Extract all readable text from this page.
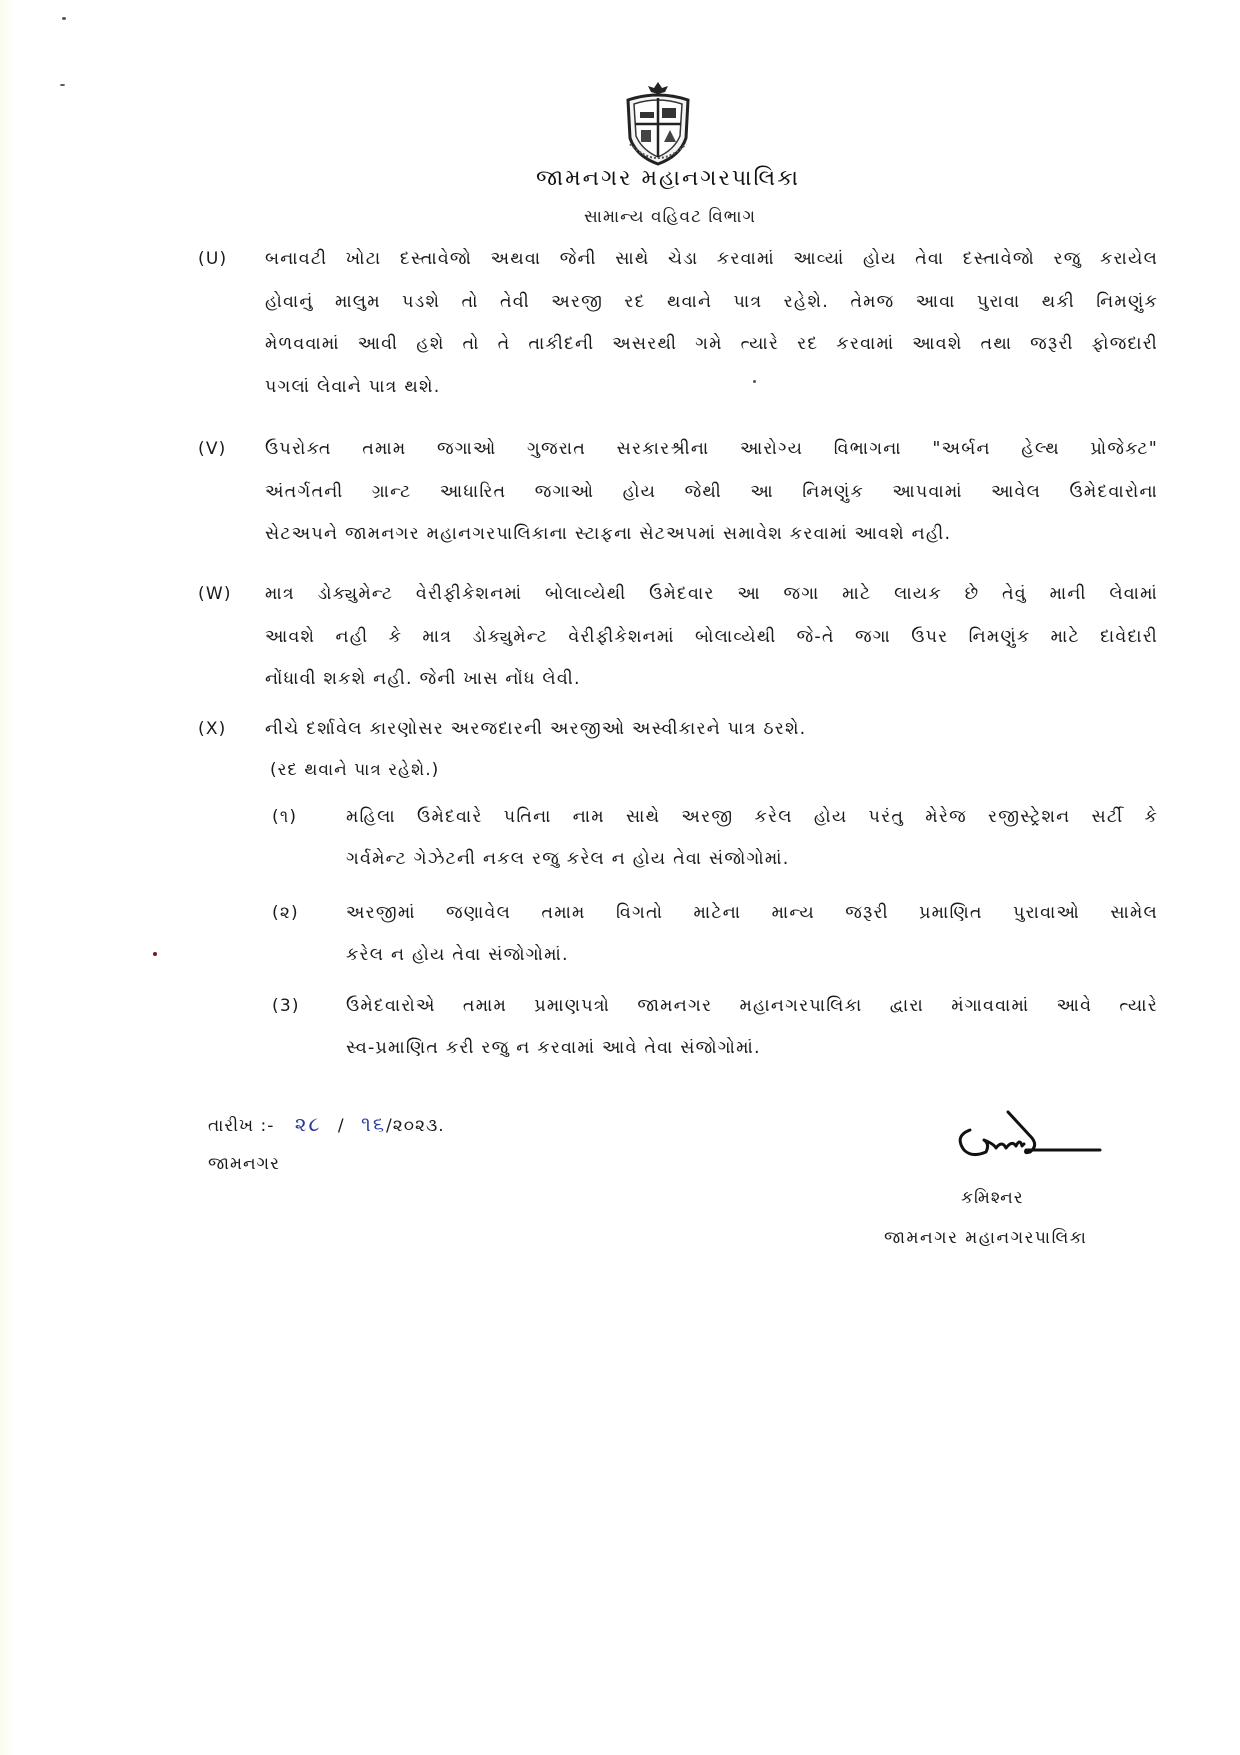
જામનગર મહાનગરપાલિકા
સામાન્ય વહિવટ વિભાગ
(U)	બનાવટી ખોટા દસ્તાવેજો અથવા જેની સાથે ચેડા કરવામાં આવ્યાં હોય તેવા દસ્તાવેજો રજુ કરાયેલ
હોવાનું માલુમ પડશે તો તેવી અરજી રદ થવાને પાત્ર રહેશે. તેમજ આવા પુરાવા થકી નિમણુંક
મેળવવામાં આવી હશે તો તે તાકીદની અસરથી ગમે ત્યારે રદ કરવામાં આવશે તથા જરૂરી ફોજદારી
પગલાં લેવાને પાત્ર થશે.
(V)	ઉપરોક્ત તમામ જગાઓ ગુજરાત સરકારશ્રીના આરોગ્ય વિભાગના "અર્બન હેલ્થ પ્રોજેક્ટ"
અંતર્ગતની ગ્રાન્ટ આધારિત જગાઓ હોય જેથી આ નિમણુંક આપવામાં આવેલ ઉમેદવારોના
સેટઅપને જામનગર મહાનગરપાલિકાના સ્ટાફના સેટઅપમાં સમાવેશ કરવામાં આવશે નહી.
(W)	માત્ર ડોક્યુમેન્ટ વેરીફીકેશનમાં બોલાવ્યેથી ઉમેદવાર આ જગા માટે લાયક છે તેવું માની લેવામાં
આવશે નહી કે માત્ર ડોક્યુમેન્ટ વેરીફીકેશનમાં બોલાવ્યેથી જે-તે જગા ઉપર નિમણુંક માટે દાવેદારી
નોંધાવી શકશે નહી. જેની ખાસ નોંધ લેવી.
(X)	નીચે દર્શાવેલ કારણોસર અરજદારની અરજીઓ અસ્વીકારને પાત્ર ઠરશે.
(રદ થવાને પાત્ર રહેશે.)
(૧)	મહિલા ઉમેદવારે પતિના નામ સાથે અરજી કરેલ હોય પરંતુ મેરેજ રજીસ્ટ્રેશન સર્ટી કે
ગર્વમેન્ટ ગેઝેટની નકલ રજુ કરેલ ન હોય તેવા સંજોગોમાં.
(૨)	અરજીમાં જણાવેલ તમામ વિગતો માટેના માન્ય જરૂરી પ્રમાણિત પુરાવાઓ સામેલ
કરેલ ન હોય તેવા સંજોગોમાં.
(3)	ઉમેદવારોએ તમામ પ્રમાણપત્રો જામનગર મહાનગરપાલિકા દ્વારા મંગાવવામાં આવે ત્યારે
સ્વ-પ્રમાણિત કરી રજુ ન કરવામાં આવે તેવા સંજોગોમાં.
તારીખ :- ૨૮ / ૧૬/૨૦૨૩.
જામનગર
કમિશ્નર
જામનગર મહાનગરપાલિકા
